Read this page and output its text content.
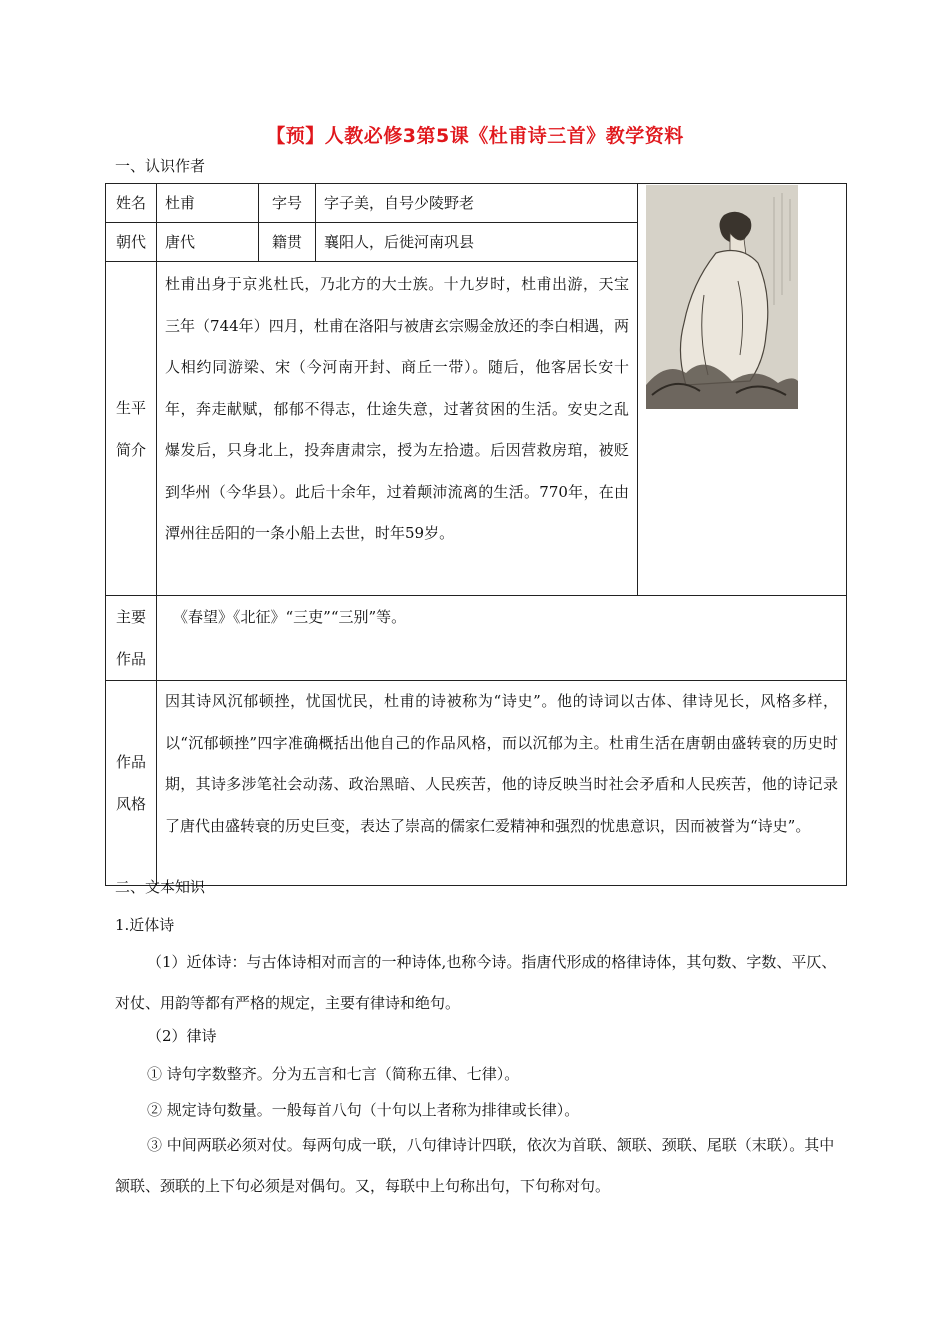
【预】人教必修3第5课《杜甫诗三首》教学资料
一、认识作者
姓名	杜甫	字号	字子美，自号少陵野老	

朝代	唐代	籍贯	襄阳人，后徙河南巩县	

生平
简介	杜甫出身于京兆杜氏，乃北方的大士族。十九岁时，杜甫出游，天宝三年（744年）四月，杜甫在洛阳与被唐玄宗赐金放还的李白相遇，两人相约同游梁、宋（今河南开封、商丘一带）。随后，他客居长安十年，奔走献赋，郁郁不得志，仕途失意，过著贫困的生活。安史之乱爆发后，只身北上，投奔唐肃宗，授为左拾遗。后因营救房琯，被贬到华州（今华县）。此后十余年，过着颠沛流离的生活。770年，在由潭州往岳阳的一条小船上去世，时年59岁。			

主要
作品	《春望》《北征》“三吏”“三别”等。			

作品
风格	因其诗风沉郁顿挫，忧国忧民，杜甫的诗被称为“诗史”。他的诗词以古体、律诗见长，风格多样，以“沉郁顿挫”四字准确概括出他自己的作品风格，而以沉郁为主。杜甫生活在唐朝由盛转衰的历史时期，其诗多涉笔社会动荡、政治黑暗、人民疾苦，他的诗反映当时社会矛盾和人民疾苦，他的诗记录了唐代由盛转衰的历史巨变，表达了崇高的儒家仁爱精神和强烈的忧患意识，因而被誉为“诗史”。			
二、文本知识
1.近体诗
（1）近体诗：与古体诗相对而言的一种诗体,也称今诗。指唐代形成的格律诗体，其句数、字数、平仄、对仗、用韵等都有严格的规定，主要有律诗和绝句。
（2）律诗
① 诗句字数整齐。分为五言和七言（简称五律、七律）。
② 规定诗句数量。一般每首八句（十句以上者称为排律或长律）。
③ 中间两联必须对仗。每两句成一联，八句律诗计四联，依次为首联、颔联、颈联、尾联（末联）。其中颔联、颈联的上下句必须是对偶句。又，每联中上句称出句，下句称对句。
